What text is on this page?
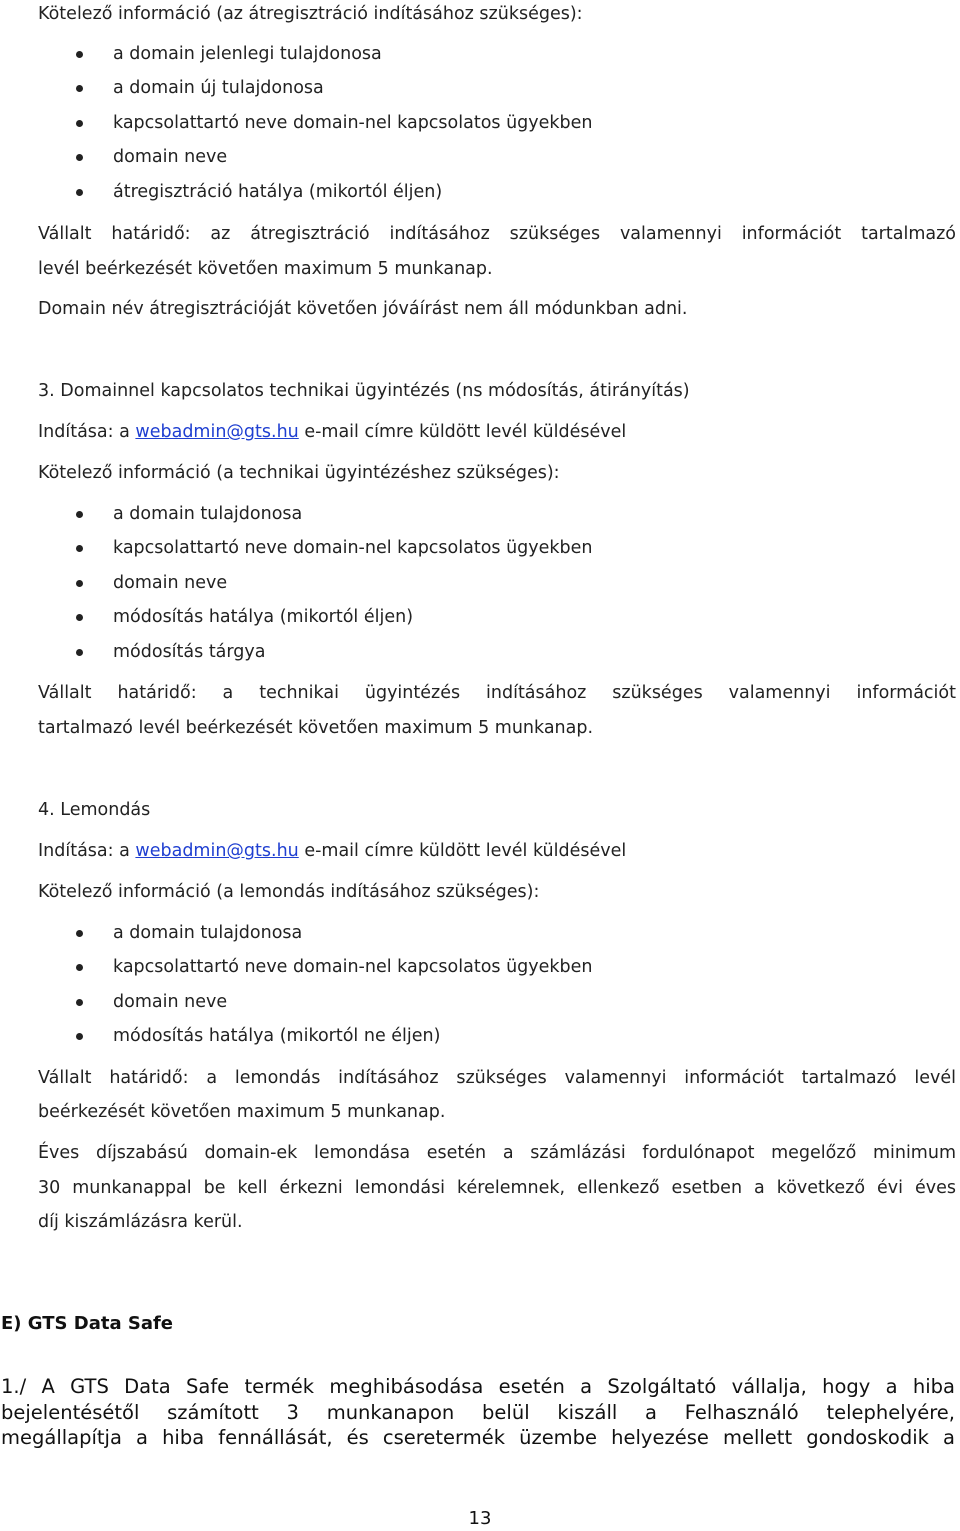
Kötelező információ (az átregisztráció indításához szükséges):
a domain jelenlegi tulajdonosa
a domain új tulajdonosa
kapcsolattartó neve domain-nel kapcsolatos ügyekben
domain neve
átregisztráció hatálya (mikortól éljen)
Vállalt határidő: az átregisztráció indításához szükséges valamennyi információt tartalmazó
levél beérkezését követően maximum 5 munkanap.
Domain név átregisztrációját követően jóváírást nem áll módunkban adni.
3. Domainnel kapcsolatos technikai ügyintézés (ns módosítás, átirányítás)
Indítása: a webadmin@gts.hu e-mail címre küldött levél küldésével
Kötelező információ (a technikai ügyintézéshez szükséges):
a domain tulajdonosa
kapcsolattartó neve domain-nel kapcsolatos ügyekben
domain neve
módosítás hatálya (mikortól éljen)
módosítás tárgya
Vállalt határidő: a technikai ügyintézés indításához szükséges valamennyi információt
tartalmazó levél beérkezését követően maximum 5 munkanap.
4. Lemondás
Indítása: a webadmin@gts.hu e-mail címre küldött levél küldésével
Kötelező információ (a lemondás indításához szükséges):
a domain tulajdonosa
kapcsolattartó neve domain-nel kapcsolatos ügyekben
domain neve
módosítás hatálya (mikortól ne éljen)
Vállalt határidő: a lemondás indításához szükséges valamennyi információt tartalmazó levél
beérkezését követően maximum 5 munkanap.
Éves díjszabású domain-ek lemondása esetén a számlázási fordulónapot megelőző minimum
30 munkanappal be kell érkezni lemondási kérelemnek, ellenkező esetben a következő évi éves
díj kiszámlázásra kerül.
E) GTS Data Safe
1./ A GTS Data Safe termék meghibásodása esetén a Szolgáltató vállalja, hogy a hiba
bejelentésétől számított 3 munkanapon belül kiszáll a Felhasználó telephelyére,
megállapítja a hiba fennállását, és cseretermék üzembe helyezése mellett gondoskodik a
13
